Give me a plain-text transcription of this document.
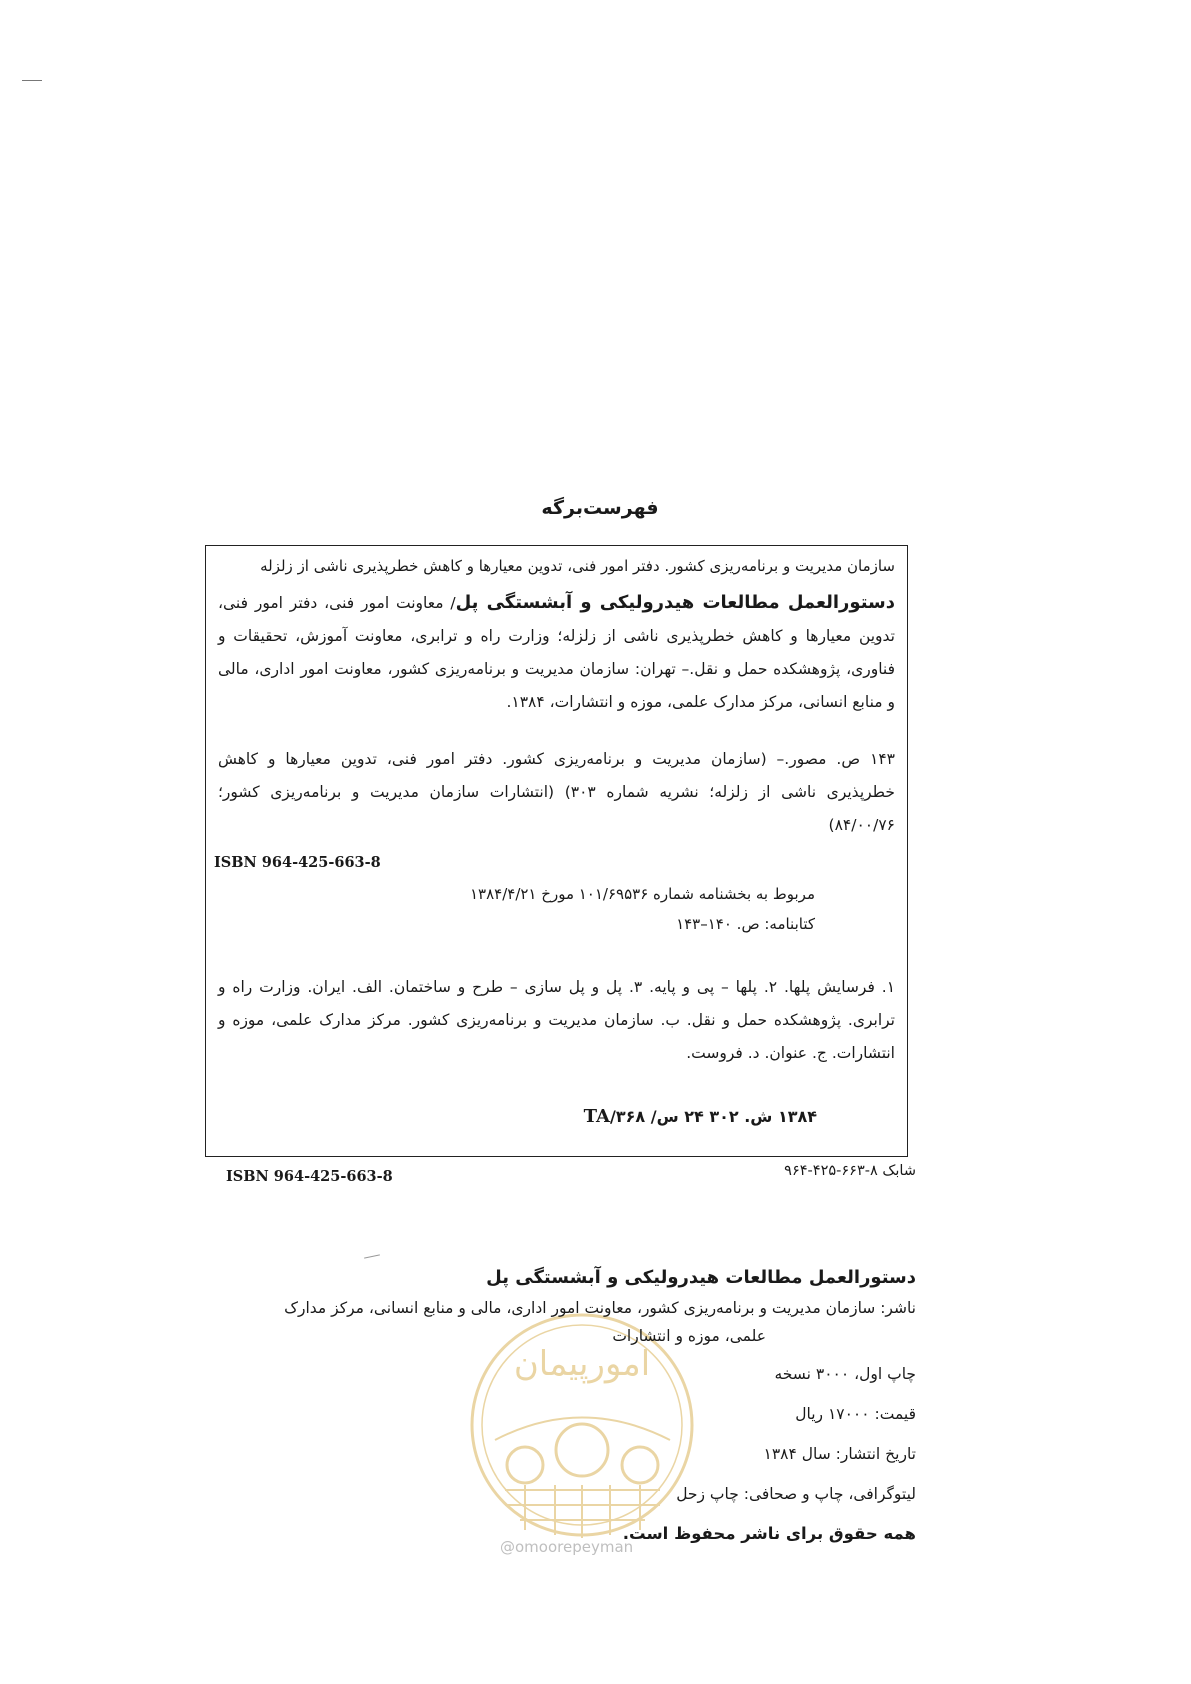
فهرست‌برگه
سازمان مدیریت و برنامه‌ریزی کشور. دفتر امور فنی، تدوین معیارها و کاهش خطرپذیری ناشی از زلزله
دستورالعمل مطالعات هیدرولیکی و آبشستگی پل/ معاونت امور فنی، دفتر امور فنی، تدوین معیارها و کاهش خطرپذیری ناشی از زلزله؛ وزارت راه و ترابری، معاونت آموزش، تحقیقات و فناوری، پژوهشکده حمل و نقل.– تهران: سازمان مدیریت و برنامه‌ریزی کشور، معاونت امور اداری، مالی و منابع انسانی، مرکز مدارک علمی، موزه و انتشارات، ۱۳۸۴.
۱۴۳ ص. مصور.– (سازمان مدیریت و برنامه‌ریزی کشور. دفتر امور فنی، تدوین معیارها و کاهش خطرپذیری ناشی از زلزله؛ نشریه شماره ۳۰۳) (انتشارات سازمان مدیریت و برنامه‌ریزی کشور؛ ۸۴/۰۰/۷۶)
ISBN 964-425-663-8
مربوط به بخشنامه شماره ۱۰۱/۶۹۵۳۶ مورخ ۱۳۸۴/۴/۲۱
کتابنامه: ص. ۱۴۰–۱۴۳
۱. فرسایش پلها. ۲. پلها – پی و پایه. ۳. پل و پل سازی – طرح و ساختمان. الف. ایران. وزارت راه و ترابری. پژوهشکده حمل و نقل. ب. سازمان مدیریت و برنامه‌ریزی کشور. مرکز مدارک علمی، موزه و انتشارات. ج. عنوان. د. فروست.
۱۳۸۴ ش. ۳۰۲ ۲۴ س/ ۳۶۸/TA
شابک ۸-۶۶۳-۴۲۵-۹۶۴
ISBN 964-425-663-8
امورپیمان
دستورالعمل مطالعات هیدرولیکی و آبشستگی پل
ناشر: سازمان مدیریت و برنامه‌ریزی کشور، معاونت امور اداری، مالی و منابع انسانی، مرکز مدارک
علمی، موزه و انتشارات
چاپ اول، ۳۰۰۰ نسخه
قیمت: ۱۷۰۰۰ ریال
تاریخ انتشار: سال ۱۳۸۴
لیتوگرافی، چاپ و صحافی: چاپ زحل
همه حقوق برای ناشر محفوظ است.
@omoorepeyman
